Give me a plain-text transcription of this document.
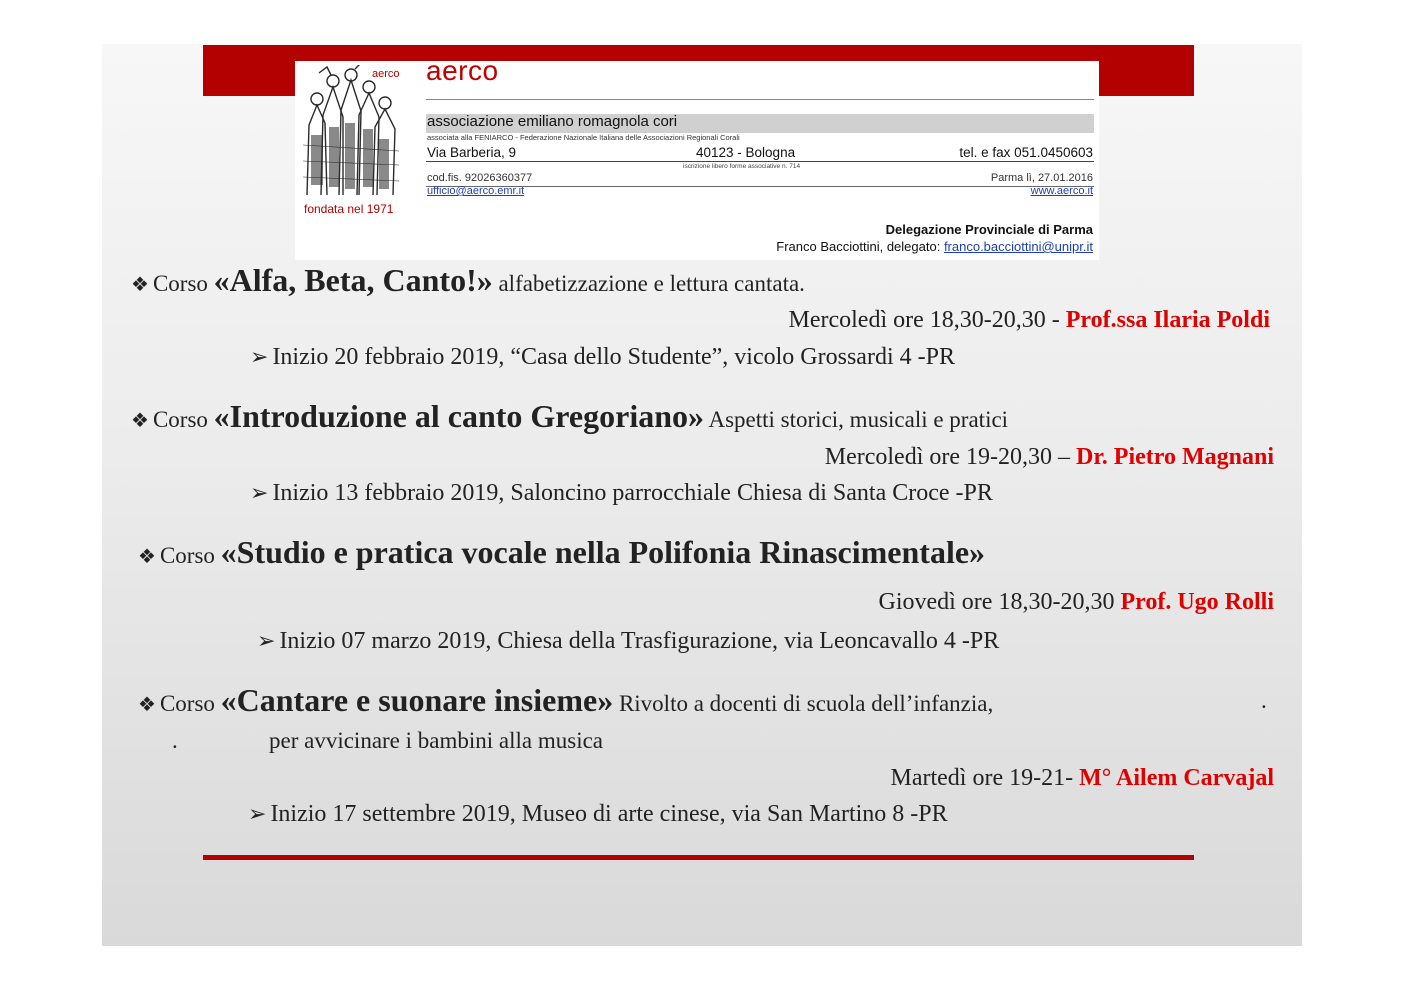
aerco
fondata nel 1971
aerco
associazione emiliano romagnola cori
associata alla FENIARCO - Federazione Nazionale Italiana delle Associazioni Regionali Corali
Via Barberia, 9	40123 - Bologna	tel. e fax 051.0450603
iscrizione libero forme associative n. 714
cod.fis. 92026360377	Parma lì, 27.01.2016
ufficio@aerco.emr.it	www.aerco.it
Delegazione Provinciale di Parma
Franco Bacciottini, delegato: franco.bacciottini@unipr.it
❖ Corso «Alfa, Beta, Canto!» alfabetizzazione e lettura cantata.
Mercoledì ore 18,30-20,30 - Prof.ssa Ilaria Poldi
➢ Inizio 20 febbraio 2019, “Casa dello Studente”, vicolo Grossardi 4 -PR
❖ Corso «Introduzione al canto Gregoriano» Aspetti storici, musicali e pratici
Mercoledì ore 19-20,30 – Dr. Pietro Magnani
➢ Inizio 13 febbraio 2019, Saloncino parrocchiale Chiesa di Santa Croce -PR
❖ Corso «Studio e pratica vocale nella Polifonia Rinascimentale»
Giovedì ore 18,30-20,30 Prof. Ugo Rolli
➢ Inizio 07 marzo 2019, Chiesa della Trasfigurazione, via Leoncavallo 4 -PR
❖ Corso «Cantare e suonare insieme» Rivolto a docenti di scuola dell’infanzia,	.
.	per avvicinare i bambini alla musica
Martedì ore 19-21- M° Ailem Carvajal
➢ Inizio 17 settembre 2019, Museo di arte cinese, via San Martino 8 -PR
